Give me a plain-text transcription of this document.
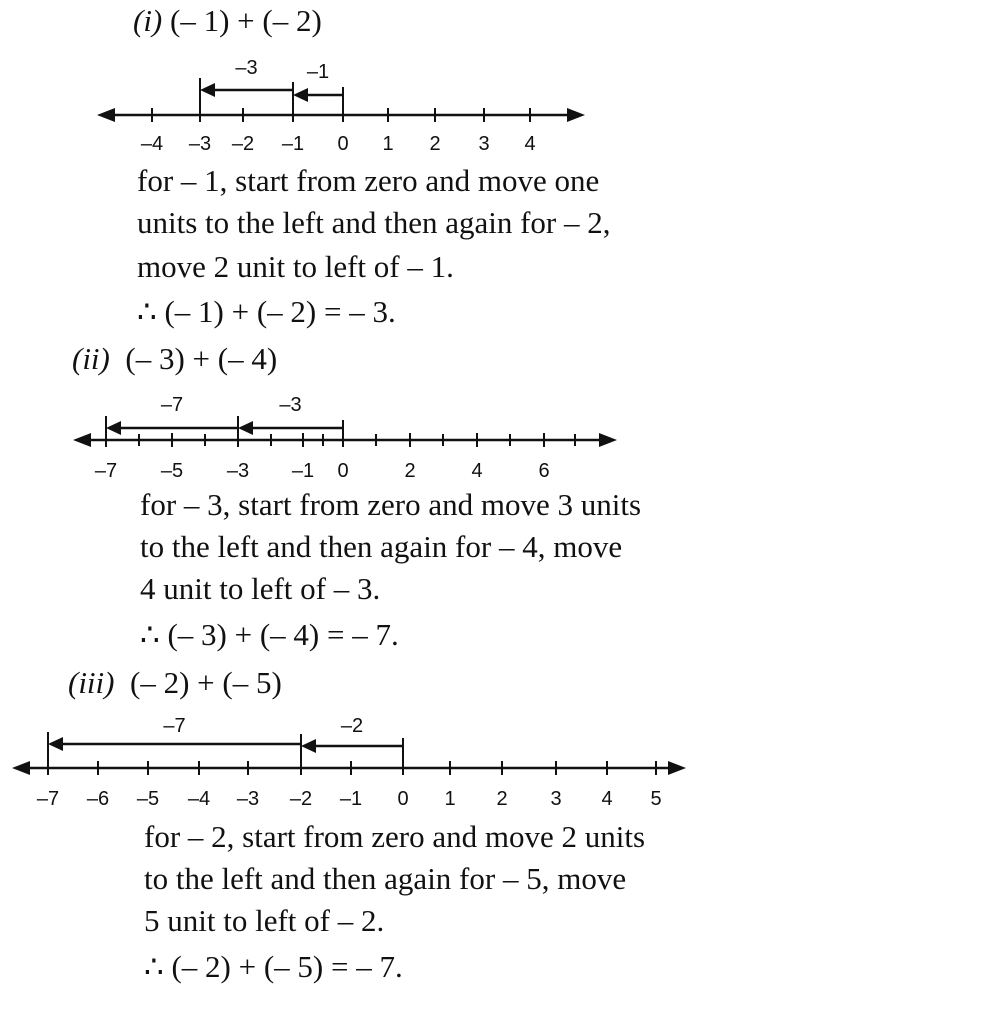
(i) (– 1) + (– 2)
–4 –3 –2 –1 0 1 2 3 4
–1
–3
for – 1, start from zero and move one
units to the left and then again for – 2,
move 2 unit to left of – 1.
∴ (– 1) + (– 2) = – 3.
(ii) (– 3) + (– 4)
–7 –5 –3 –1 0	2	4	6
–3
–7
for – 3, start from zero and move 3 units
to the left and then again for – 4, move
4 unit to left of – 3.
∴ (– 3) + (– 4) = – 7.
(iii) (– 2) + (– 5)
–7 –6 –5 –4 –3 –2 –1 0 1 2 3 4 5
–2
–7
for – 2, start from zero and move 2 units
to the left and then again for – 5, move
5 unit to left of – 2.
∴ (– 2) + (– 5) = – 7.
